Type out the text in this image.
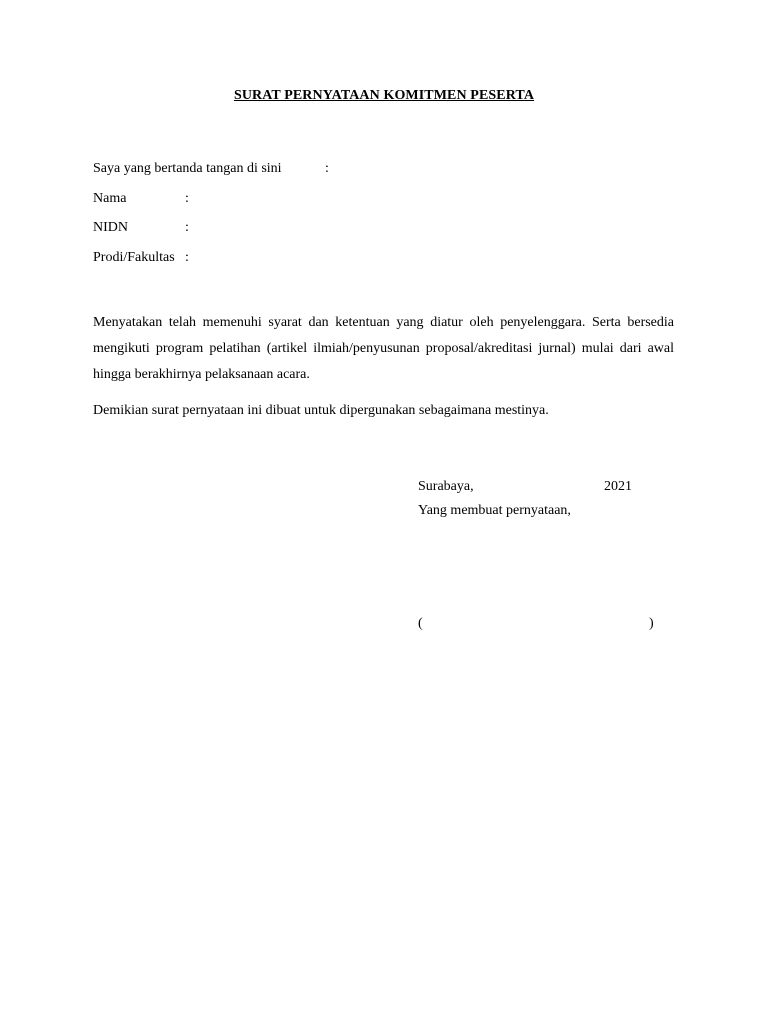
SURAT PERNYATAAN KOMITMEN PESERTA
Saya yang bertanda tangan di sini	:
Nama	:
NIDN	:
Prodi/Fakultas :
Menyatakan telah memenuhi syarat dan ketentuan yang diatur oleh penyelenggara. Serta bersedia mengikuti program pelatihan (artikel ilmiah/penyusunan proposal/akreditasi jurnal) mulai dari awal hingga berakhirnya pelaksanaan acara.
Demikian surat pernyataan ini dibuat untuk dipergunakan sebagaimana mestinya.
Surabaya,	2021
Yang membuat pernyataan,
(	)
